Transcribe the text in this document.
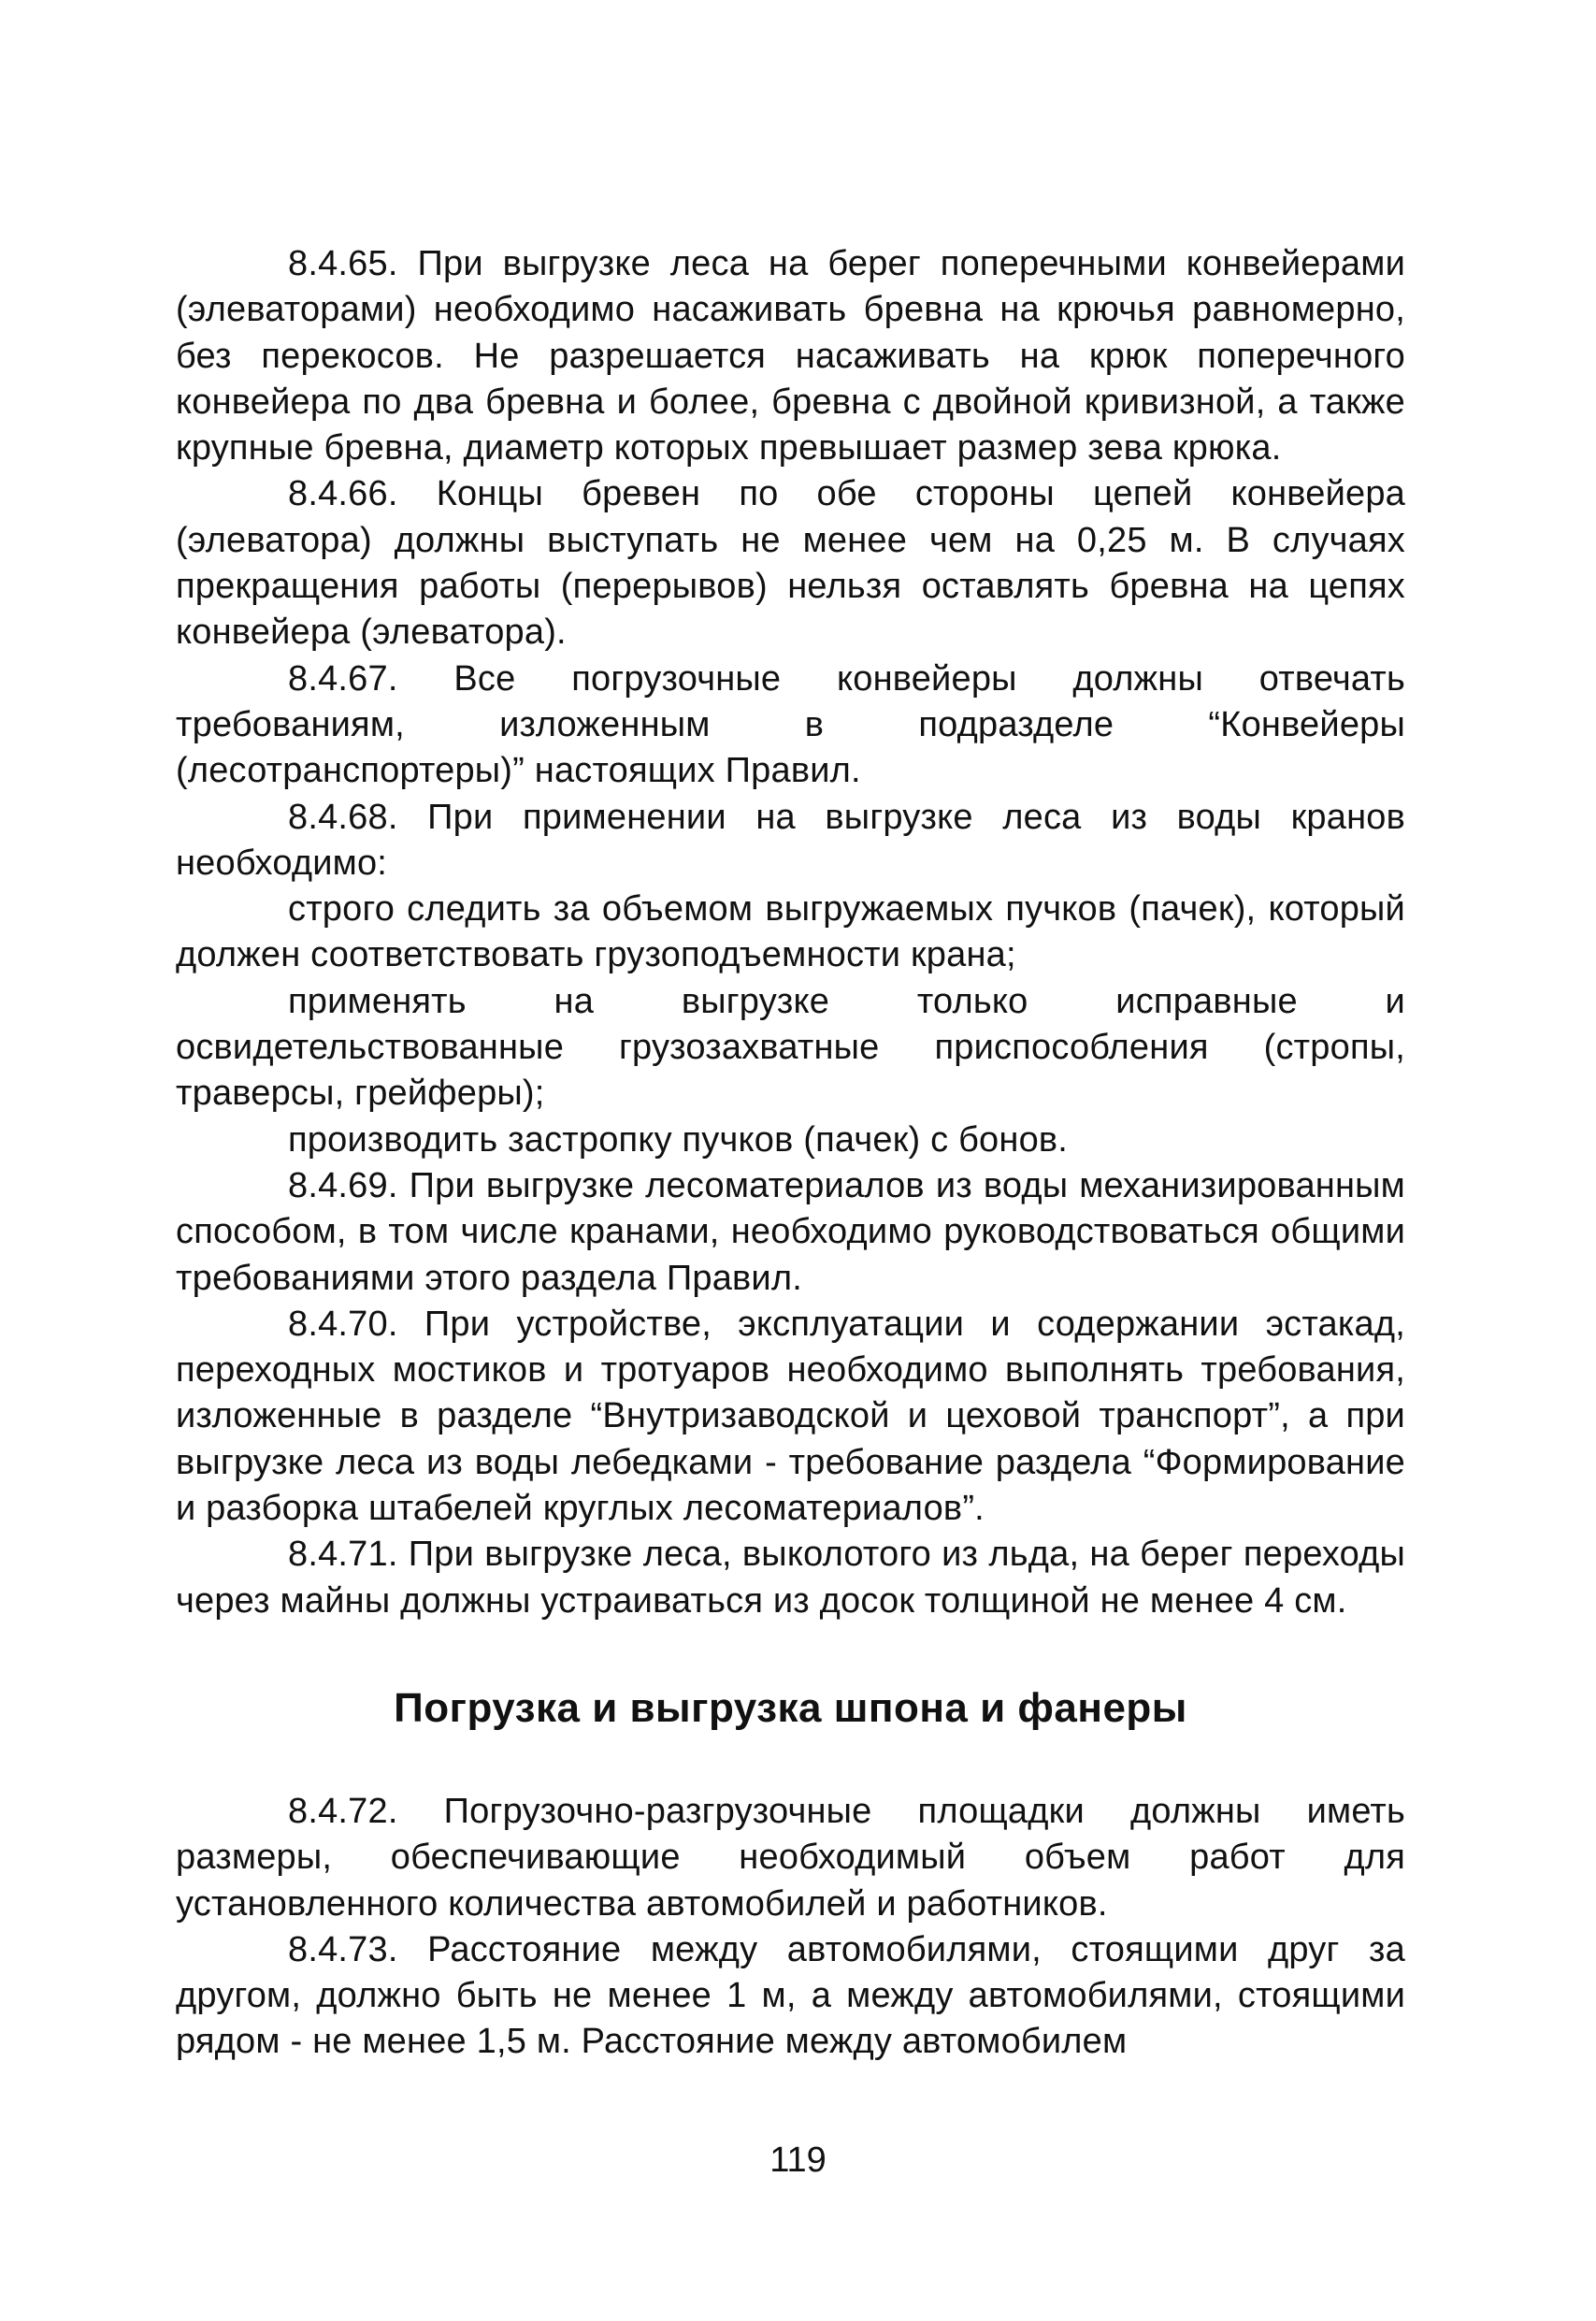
8.4.65. При выгрузке леса на берег поперечными конвейерами (элеваторами) необходимо насаживать бревна на крючья равномерно, без перекосов. Не разрешается насаживать на крюк поперечного конвейера по два бревна и более, бревна с двойной кривизной, а также крупные бревна, диаметр которых превышает размер зева крюка.

8.4.66. Концы бревен по обе стороны цепей конвейера (элеватора) должны выступать не менее чем на 0,25 м. В случаях прекращения работы (перерывов) нельзя оставлять бревна на цепях конвейера (элеватора).

8.4.67. Все погрузочные конвейеры должны отвечать требованиям, изложенным в подразделе “Конвейеры (лесотранспортеры)” настоящих Правил.

8.4.68. При применении на выгрузке леса из воды кранов необходимо:

строго следить за объемом выгружаемых пучков (пачек), который должен соответствовать грузоподъемности крана;

применять на выгрузке только исправные и освидетельствованные грузозахватные приспособления (стропы, траверсы, грейферы);

производить застропку пучков (пачек) с бонов.

8.4.69. При выгрузке лесоматериалов из воды механизированным способом, в том числе кранами, необходимо руководствоваться общими требованиями этого раздела Правил.

8.4.70. При устройстве, эксплуатации и содержании эстакад, переходных мостиков и тротуаров необходимо выполнять требования, изложенные в разделе “Внутризаводской и цеховой транспорт”, а при выгрузке леса из воды лебедками - требование раздела “Формирование и разборка штабелей круглых лесоматериалов”.

8.4.71. При выгрузке леса, выколотого из льда, на берег переходы через майны должны устраиваться из досок толщиной не менее 4 см.

Погрузка и выгрузка шпона и фанеры

8.4.72. Погрузочно-разгрузочные площадки должны иметь размеры, обеспечивающие необходимый объем работ для установленного количества автомобилей и работников.

8.4.73. Расстояние между автомобилями, стоящими друг за другом, должно быть не менее 1 м, а между автомобилями, стоящими рядом - не менее 1,5 м. Расстояние между автомобилем

119
